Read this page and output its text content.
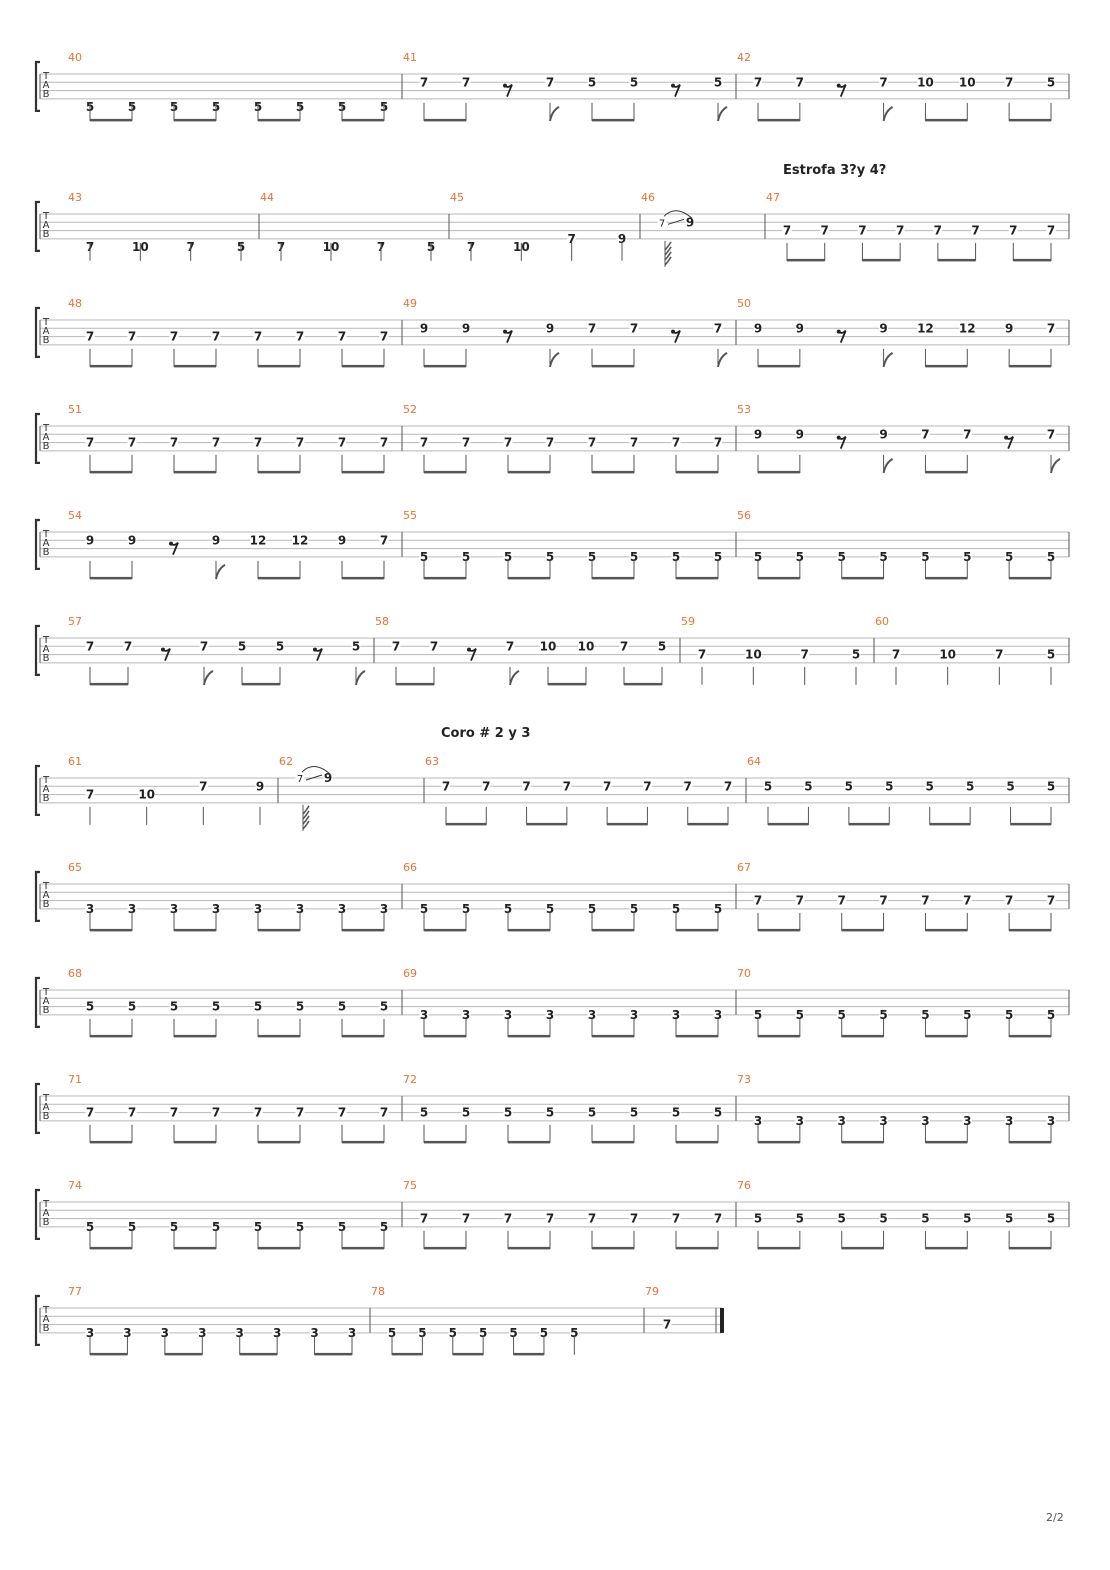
T
A
B
40
5	5	5	5	5	5	5	5
41
7	7	7	5	5	5
42
7	7	7 10 10 7	5
T
A
B
43
7	10	7	5
44
7	10	7	5
45
7	10
7	9
46
7 9
47
7 7 7 7 7 7 7 7
T
A
B
48
7	7	7	7	7	7	7	7
49
9	9	9	7	7	7
50
9	9	9 12 12 9	7
T
A
B
51
7	7	7	7	7	7	7	7
52
7	7	7	7	7	7	7	7
53
9	9	9	7	7	7
T
A
B
54
9	9	9 12 12 9	7
55
5	5	5	5	5	5	5	5
56
5	5	5	5	5	5	5	5
T
A
B
57
7 7	7 5 5	5
58
7 7	7 10 10 7 5
59
7	10	7	5
60
7	10	7	5
T
A
B
61
7	10
7	9
62
7 9
63
7	7	7	7	7	7	7	7
64
5	5	5	5	5	5	5	5
T
A
B
65
3	3	3	3	3	3	3	3
66
5	5	5	5	5	5	5	5
67
7	7	7	7	7	7	7	7
T
A
B
68
5	5	5	5	5	5	5	5
69
3	3	3	3	3	3	3	3
70
5	5	5	5	5	5	5	5
T
A
B
71
7	7	7	7	7	7	7	7
72
5	5	5	5	5	5	5	5
73
3	3	3	3	3	3	3	3
T
A
B
74
5	5	5	5	5	5	5	5
75
7	7	7	7	7	7	7	7
76
5	5	5	5	5	5	5	5
T
A
B
77
3 3 3 3 3 3 3 3
78
5 5 5 5 5 5 5
79
7
Estrofa 3?y 4?
Coro # 2 y 3
2/2
